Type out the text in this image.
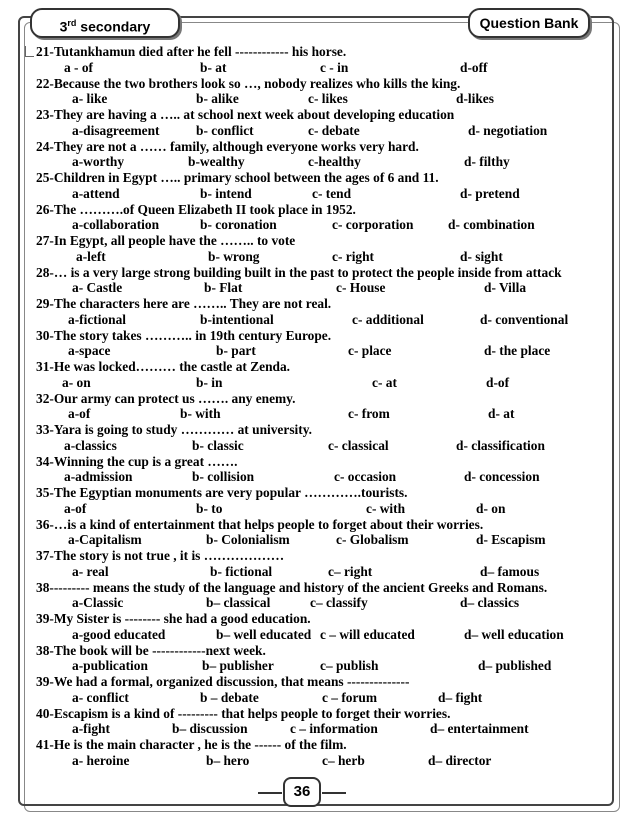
3rd secondary	Question Bank
21-Tutankhamun died after he fell ------------ his horse.
a - of	b- at	c - in	d-off
22-Because the two brothers look so …, nobody realizes who kills the king.
a- like	b- alike	c- likes	d-likes
23-They are having a ….. at school next week about developing education
a-disagreement	b- conflict	c- debate	d- negotiation
24-They are not a …… family, although everyone works very hard.
a-worthy	b-wealthy	c-healthy	d- filthy
25-Children in Egypt ….. primary school between the ages of 6 and 11.
a-attend	b- intend	c- tend	d- pretend
26-The ……….of Queen Elizabeth II took place in 1952.
a-collaboration	b- coronation	c- corporation	d- combination
27-In Egypt, all people have the …….. to vote
a-left	b- wrong	c- right	d- sight
28-… is a very large strong building built in the past to protect the people inside from attack
a- Castle	b- Flat	c- House	d- Villa
29-The characters here are …….. They are not real.
a-fictional	b-intentional	c- additional	d- conventional
30-The story takes ……….. in 19th century Europe.
a-space	b- part	c- place	d- the place
31-He was locked……… the castle at Zenda.
a- on	b- in	c- at	d-of
32-Our army can protect us ……. any enemy.
a-of	b- with	c- from	d- at
33-Yara is going to study ………… at university.
a-classics	b- classic	c- classical	d- classification
34-Winning the cup is a great …….
a-admission	b- collision	c- occasion	d- concession
35-The Egyptian monuments are very popular ………….tourists.
a-of	b- to	c- with	d- on
36-…is a kind of entertainment that helps people to forget about their worries.
a-Capitalism	b- Colonialism	c- Globalism	d- Escapism
37-The story is not true , it is ………………
a- real	b- fictional	c– right	d– famous
38--------- means the study of the language and history of the ancient Greeks and Romans.
a-Classic	b– classical	c– classify	d– classics
39-My Sister is -------- she had a good education.
a-good educated	b– well educated c – will educated	d– well education
38-The book will be ------------next week.
a-publication	b– publisher	c– publish	d– published
39-We had a formal, organized discussion, that means --------------
a- conflict	b – debate	c – forum	d– fight
40-Escapism is a kind of --------- that helps people to forget their worries.
a-fight	b– discussion	c – information	d– entertainment
41-He is the main character , he is the ------ of the film.
a- heroine	b– hero	c– herb	d– director
36
